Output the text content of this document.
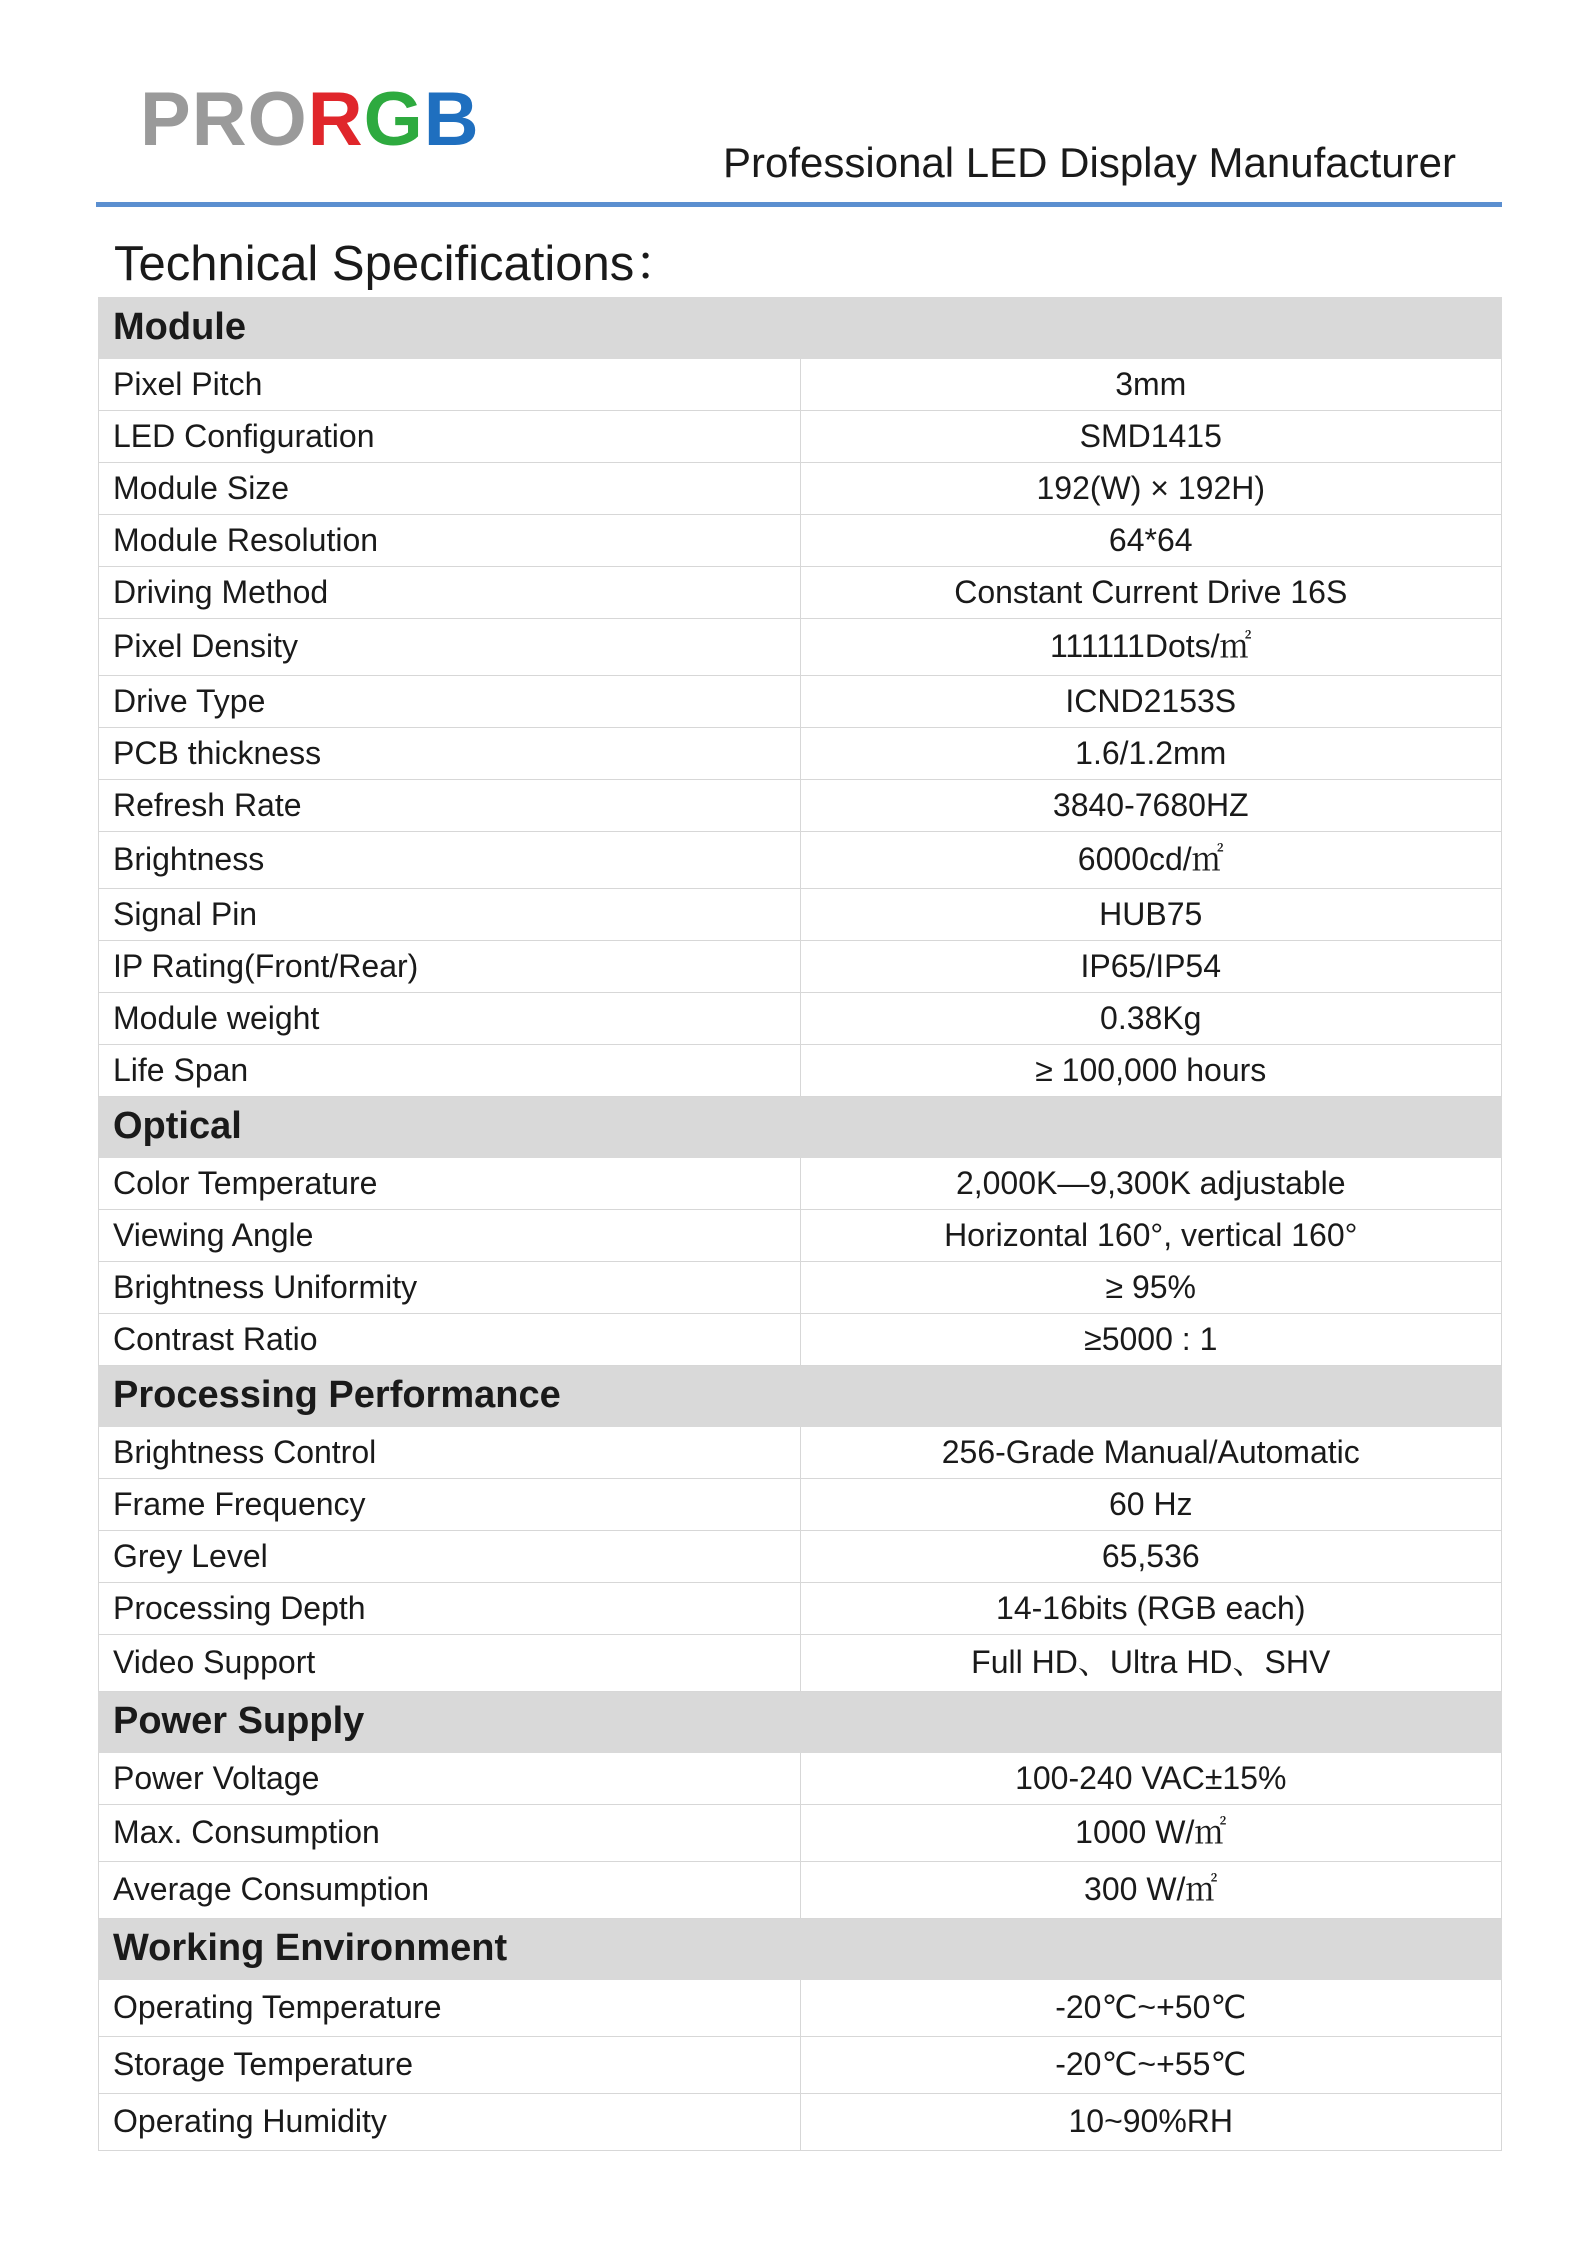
PRORGB
Professional LED Display Manufacturer
Technical Specifications：
Module	
Pixel Pitch	3mm
LED Configuration	SMD1415
Module Size	192(W) × 192H)
Module Resolution	64*64
Driving Method	Constant Current Drive 16S
Pixel Density	111111Dots/㎡
Drive Type	ICND2153S
PCB thickness	1.6/1.2mm
Refresh Rate	3840-7680HZ
Brightness	6000cd/㎡
Signal Pin	HUB75
IP Rating(Front/Rear)	IP65/IP54
Module weight	0.38Kg
Life Span	≥ 100,000 hours
Optical	
Color Temperature	2,000K—9,300K adjustable
Viewing Angle	Horizontal 160°, vertical 160°
Brightness Uniformity	≥ 95%
Contrast Ratio	≥5000 : 1
Processing Performance	
Brightness Control	256-Grade Manual/Automatic
Frame Frequency	60 Hz
Grey Level	65,536
Processing Depth	14-16bits (RGB each)
Video Support	Full HD、Ultra HD、SHV
Power Supply	
Power Voltage	100-240 VAC±15%
Max. Consumption	1000 W/㎡
Average Consumption	300 W/㎡
Working Environment	
Operating Temperature	-20℃~+50℃
Storage Temperature	-20℃~+55℃
Operating Humidity	10~90%RH
